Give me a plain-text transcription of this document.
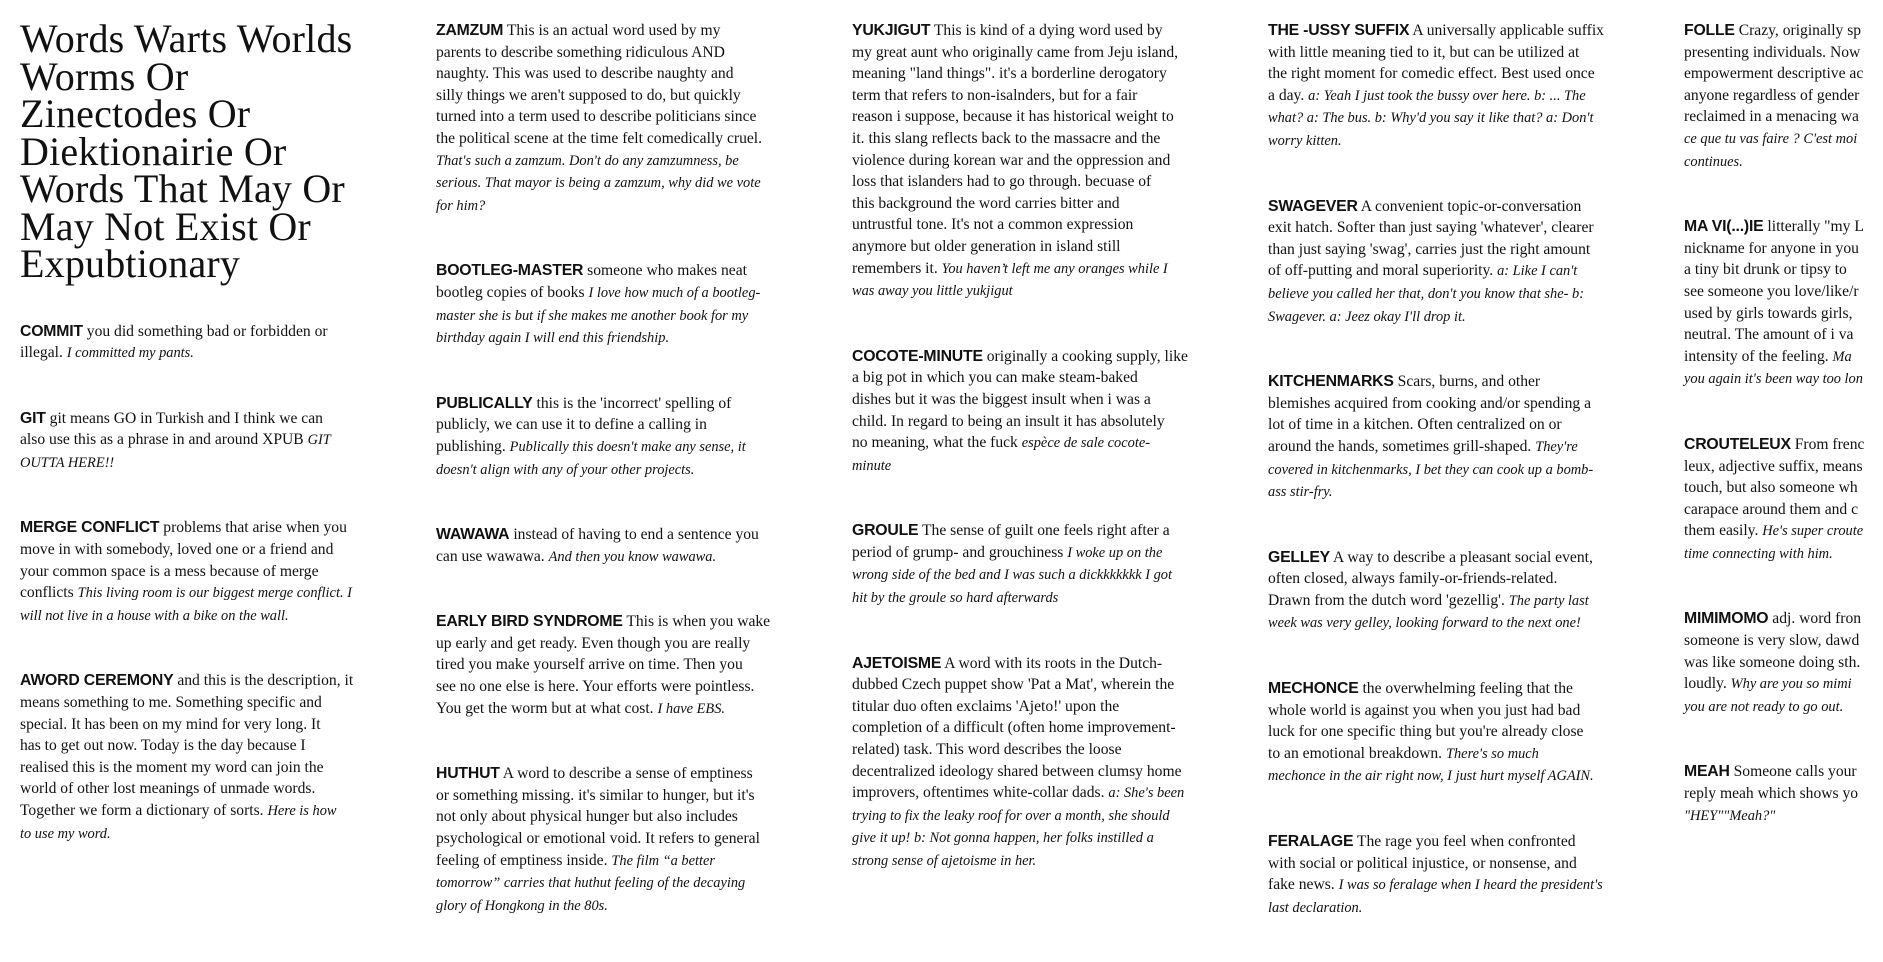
Words Warts Worlds
Worms Or
Zinectodes Or
Diektionairie Or
Words That May Or
May Not Exist Or
Expubtionary
COMMIT you did something bad or forbidden or
illegal. I committed my pants.
GIT git means GO in Turkish and I think we can
also use this as a phrase in and around XPUB GIT
OUTTA HERE!!
MERGE CONFLICT problems that arise when you
move in with somebody, loved one or a friend and
your common space is a mess because of merge
conflicts This living room is our biggest merge conflict. I
will not live in a house with a bike on the wall.
AWORD CEREMONY and this is the description, it
means something to me. Something specific and
special. It has been on my mind for very long. It
has to get out now. Today is the day because I
realised this is the moment my word can join the
world of other lost meanings of unmade words.
Together we form a dictionary of sorts. Here is how
to use my word.
ZAMZUM This is an actual word used by my
parents to describe something ridiculous AND
naughty. This was used to describe naughty and
silly things we aren't supposed to do, but quickly
turned into a term used to describe politicians since
the political scene at the time felt comedically cruel.
That's such a zamzum. Don't do any zamzumness, be
serious. That mayor is being a zamzum, why did we vote
for him?
BOOTLEG-MASTER someone who makes neat
bootleg copies of books I love how much of a bootleg-
master she is but if she makes me another book for my
birthday again I will end this friendship.
PUBLICALLY this is the 'incorrect' spelling of
publicly, we can use it to define a calling in
publishing. Publically this doesn't make any sense, it
doesn't align with any of your other projects.
WAWAWA instead of having to end a sentence you
can use wawawa. And then you know wawawa.
EARLY BIRD SYNDROME This is when you wake
up early and get ready. Even though you are really
tired you make yourself arrive on time. Then you
see no one else is here. Your efforts were pointless.
You get the worm but at what cost. I have EBS.
HUTHUT A word to describe a sense of emptiness
or something missing. it's similar to hunger, but it's
not only about physical hunger but also includes
psychological or emotional void. It refers to general
feeling of emptiness inside. The film “a better
tomorrow” carries that huthut feeling of the decaying
glory of Hongkong in the 80s.
YUKJIGUT This is kind of a dying word used by
my great aunt who originally came from Jeju island,
meaning "land things". it's a borderline derogatory
term that refers to non-isalnders, but for a fair
reason i suppose, because it has historical weight to
it. this slang reflects back to the massacre and the
violence during korean war and the oppression and
loss that islanders had to go through. becuase of
this background the word carries bitter and
untrustful tone. It's not a common expression
anymore but older generation in island still
remembers it. You haven’t left me any oranges while I
was away you little yukjigut
COCOTE-MINUTE originally a cooking supply, like
a big pot in which you can make steam-baked
dishes but it was the biggest insult when i was a
child. In regard to being an insult it has absolutely
no meaning, what the fuck espèce de sale cocote-
minute
GROULE The sense of guilt one feels right after a
period of grump- and grouchiness I woke up on the
wrong side of the bed and I was such a dickkkkkkk I got
hit by the groule so hard afterwards
AJETOISME A word with its roots in the Dutch-
dubbed Czech puppet show 'Pat a Mat', wherein the
titular duo often exclaims 'Ajeto!' upon the
completion of a difficult (often home improvement-
related) task. This word describes the loose
decentralized ideology shared between clumsy home
improvers, oftentimes white-collar dads. a: She's been
trying to fix the leaky roof for over a month, she should
give it up! b: Not gonna happen, her folks instilled a
strong sense of ajetoisme in her.
THE -USSY SUFFIX A universally applicable suffix
with little meaning tied to it, but can be utilized at
the right moment for comedic effect. Best used once
a day. a: Yeah I just took the bussy over here. b: ... The
what? a: The bus. b: Why'd you say it like that? a: Don't
worry kitten.
SWAGEVER A convenient topic-or-conversation
exit hatch. Softer than just saying 'whatever', clearer
than just saying 'swag', carries just the right amount
of off-putting and moral superiority. a: Like I can't
believe you called her that, don't you know that she- b:
Swagever. a: Jeez okay I'll drop it.
KITCHENMARKS Scars, burns, and other
blemishes acquired from cooking and/or spending a
lot of time in a kitchen. Often centralized on or
around the hands, sometimes grill-shaped. They're
covered in kitchenmarks, I bet they can cook up a bomb-
ass stir-fry.
GELLEY A way to describe a pleasant social event,
often closed, always family-or-friends-related.
Drawn from the dutch word 'gezellig'. The party last
week was very gelley, looking forward to the next one!
MECHONCE the overwhelming feeling that the
whole world is against you when you just had bad
luck for one specific thing but you're already close
to an emotional breakdown. There's so much
mechonce in the air right now, I just hurt myself AGAIN.
FERALAGE The rage you feel when confronted
with social or political injustice, or nonsense, and
fake news. I was so feralage when I heard the president's
last declaration.
FOLLE Crazy, originally sp
presenting individuals. Now
empowerment descriptive ac
anyone regardless of gender
reclaimed in a menacing wa
ce que tu vas faire ? C'est moi
continues.
MA VI(...)IE litterally "my L
nickname for anyone in you
a tiny bit drunk or tipsy to
see someone you love/like/r
used by girls towards girls,
neutral. The amount of i va
intensity of the feeling. Ma
you again it's been way too lon
CROUTELEUX From frenc
leux, adjective suffix, means
touch, but also someone wh
carapace around them and c
them easily. He's super croute
time connecting with him.
MIMIMOMO adj. word fron
someone is very slow, dawd
was like someone doing sth.
loudly. Why are you so mimi
you are not ready to go out.
MEAH Someone calls your
reply meah which shows yo
"HEY""Meah?"
